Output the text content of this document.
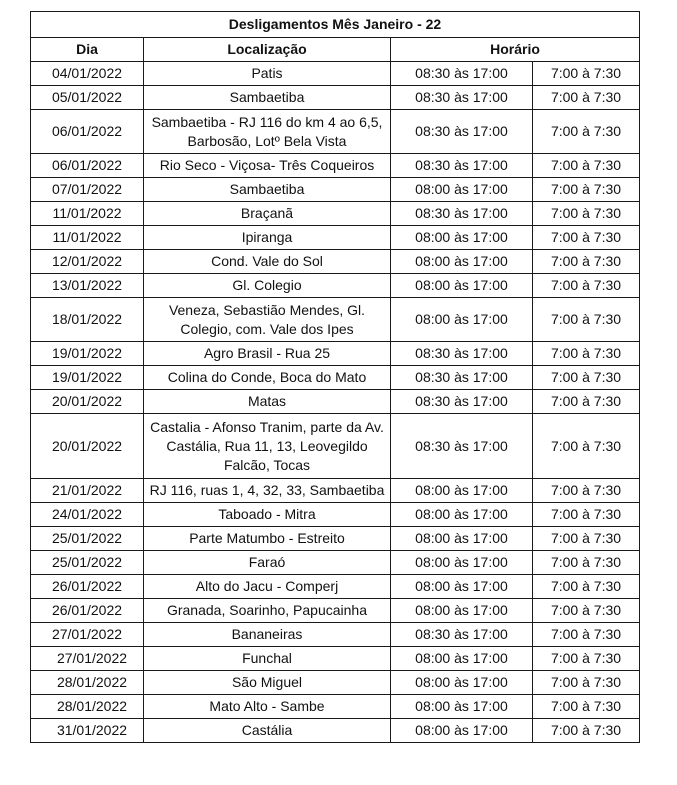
Desligamentos Mês Janeiro - 22			
Dia	Localização	Horário	
04/01/2022	Patis	08:30 às 17:00	7:00 à 7:30
05/01/2022	Sambaetiba	08:30 às 17:00	7:00 à 7:30
06/01/2022	Sambaetiba - RJ 116 do km 4 ao 6,5, Barbosão, Lotº Bela Vista	08:30 às 17:00	7:00 à 7:30
06/01/2022	Rio Seco - Viçosa- Três Coqueiros	08:30 às 17:00	7:00 à 7:30
07/01/2022	Sambaetiba	08:00 às 17:00	7:00 à 7:30
11/01/2022	Braçanã	08:30 às 17:00	7:00 à 7:30
11/01/2022	Ipiranga	08:00 às 17:00	7:00 à 7:30
12/01/2022	Cond. Vale do Sol	08:00 às 17:00	7:00 à 7:30
13/01/2022	Gl. Colegio	08:00 às 17:00	7:00 à 7:30
18/01/2022	Veneza, Sebastião Mendes, Gl. Colegio, com. Vale dos Ipes	08:00 às 17:00	7:00 à 7:30
19/01/2022	Agro Brasil - Rua 25	08:30 às 17:00	7:00 à 7:30
19/01/2022	Colina do Conde, Boca do Mato	08:30 às 17:00	7:00 à 7:30
20/01/2022	Matas	08:30 às 17:00	7:00 à 7:30
20/01/2022	Castalia - Afonso Tranim, parte da Av. Castália, Rua 11, 13, Leovegildo Falcão, Tocas	08:30 às 17:00	7:00 à 7:30
21/01/2022	RJ 116, ruas 1, 4, 32, 33, Sambaetiba	08:00 às 17:00	7:00 à 7:30
24/01/2022	Taboado - Mitra	08:00 às 17:00	7:00 à 7:30
25/01/2022	Parte Matumbo - Estreito	08:00 às 17:00	7:00 à 7:30
25/01/2022	Faraó	08:00 às 17:00	7:00 à 7:30
26/01/2022	Alto do Jacu - Comperj	08:00 às 17:00	7:00 à 7:30
26/01/2022	Granada, Soarinho, Papucainha	08:00 às 17:00	7:00 à 7:30
27/01/2022	Bananeiras	08:30 às 17:00	7:00 à 7:30
27/01/2022	Funchal	08:00 às 17:00	7:00 à 7:30
28/01/2022	São Miguel	08:00 às 17:00	7:00 à 7:30
28/01/2022	Mato Alto - Sambe	08:00 às 17:00	7:00 à 7:30
31/01/2022	Castália	08:00 às 17:00	7:00 à 7:30
